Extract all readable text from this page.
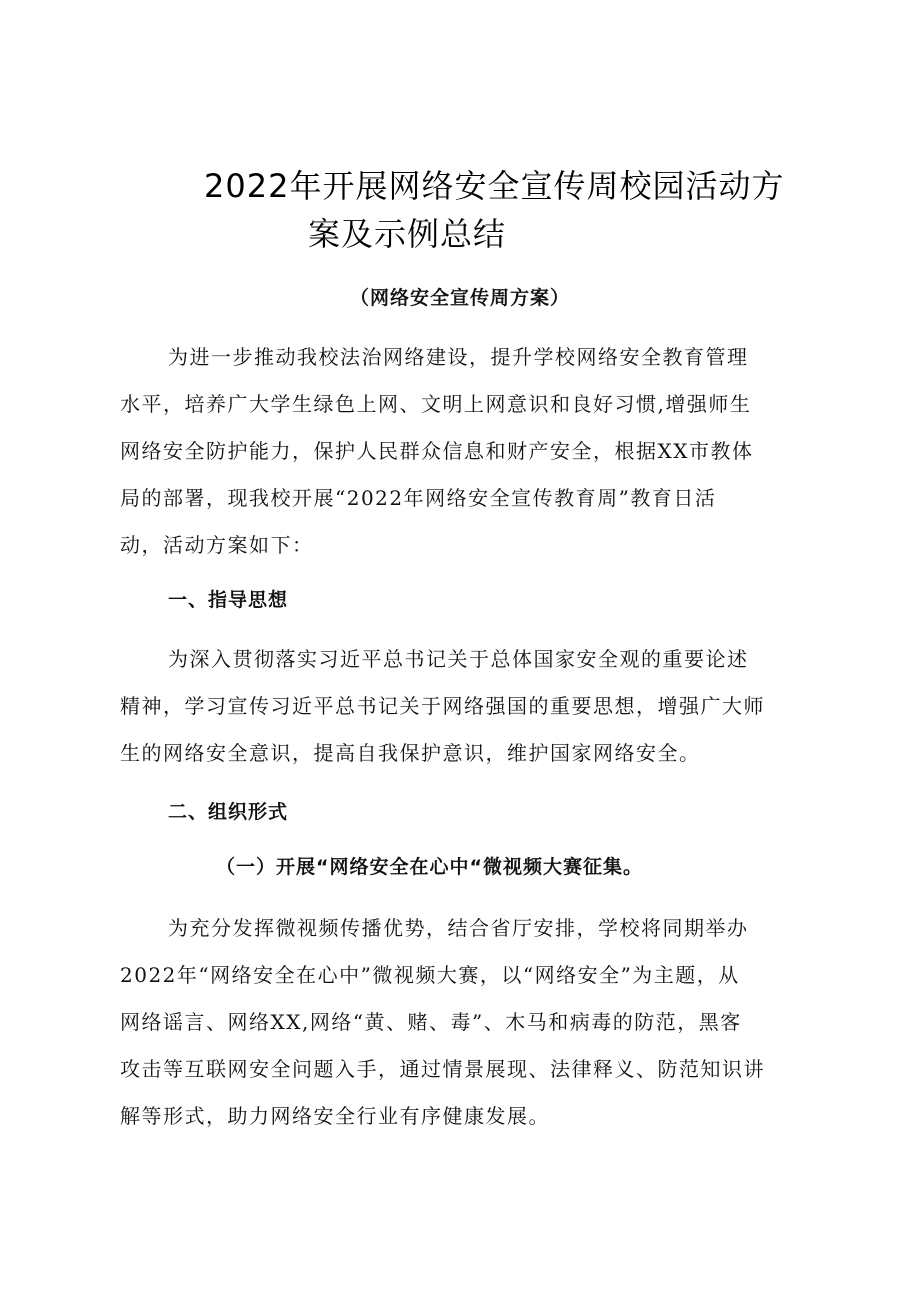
2022年开展网络安全宣传周校园活动方
案及示例总结
（网络安全宣传周方案）
为进一步推动我校法治网络建设，提升学校网络安全教育管理
水平，培养广大学生绿色上网、文明上网意识和良好习惯,增强师生
网络安全防护能力，保护人民群众信息和财产安全，根据XX市教体
局的部署，现我校开展“2022年网络安全宣传教育周”教育日活
动，活动方案如下：
一、指导思想
为深入贯彻落实习近平总书记关于总体国家安全观的重要论述
精神，学习宣传习近平总书记关于网络强国的重要思想，增强广大师
生的网络安全意识，提高自我保护意识，维护国家网络安全。
二、组织形式
（一）开展“网络安全在心中“微视频大赛征集。
为充分发挥微视频传播优势，结合省厅安排，学校将同期举办
2022年“网络安全在心中”微视频大赛，以“网络安全”为主题，从
网络谣言、网络XX,网络“黄、赌、毒”、木马和病毒的防范，黑客
攻击等互联网安全问题入手，通过情景展现、法律释义、防范知识讲
解等形式，助力网络安全行业有序健康发展。
